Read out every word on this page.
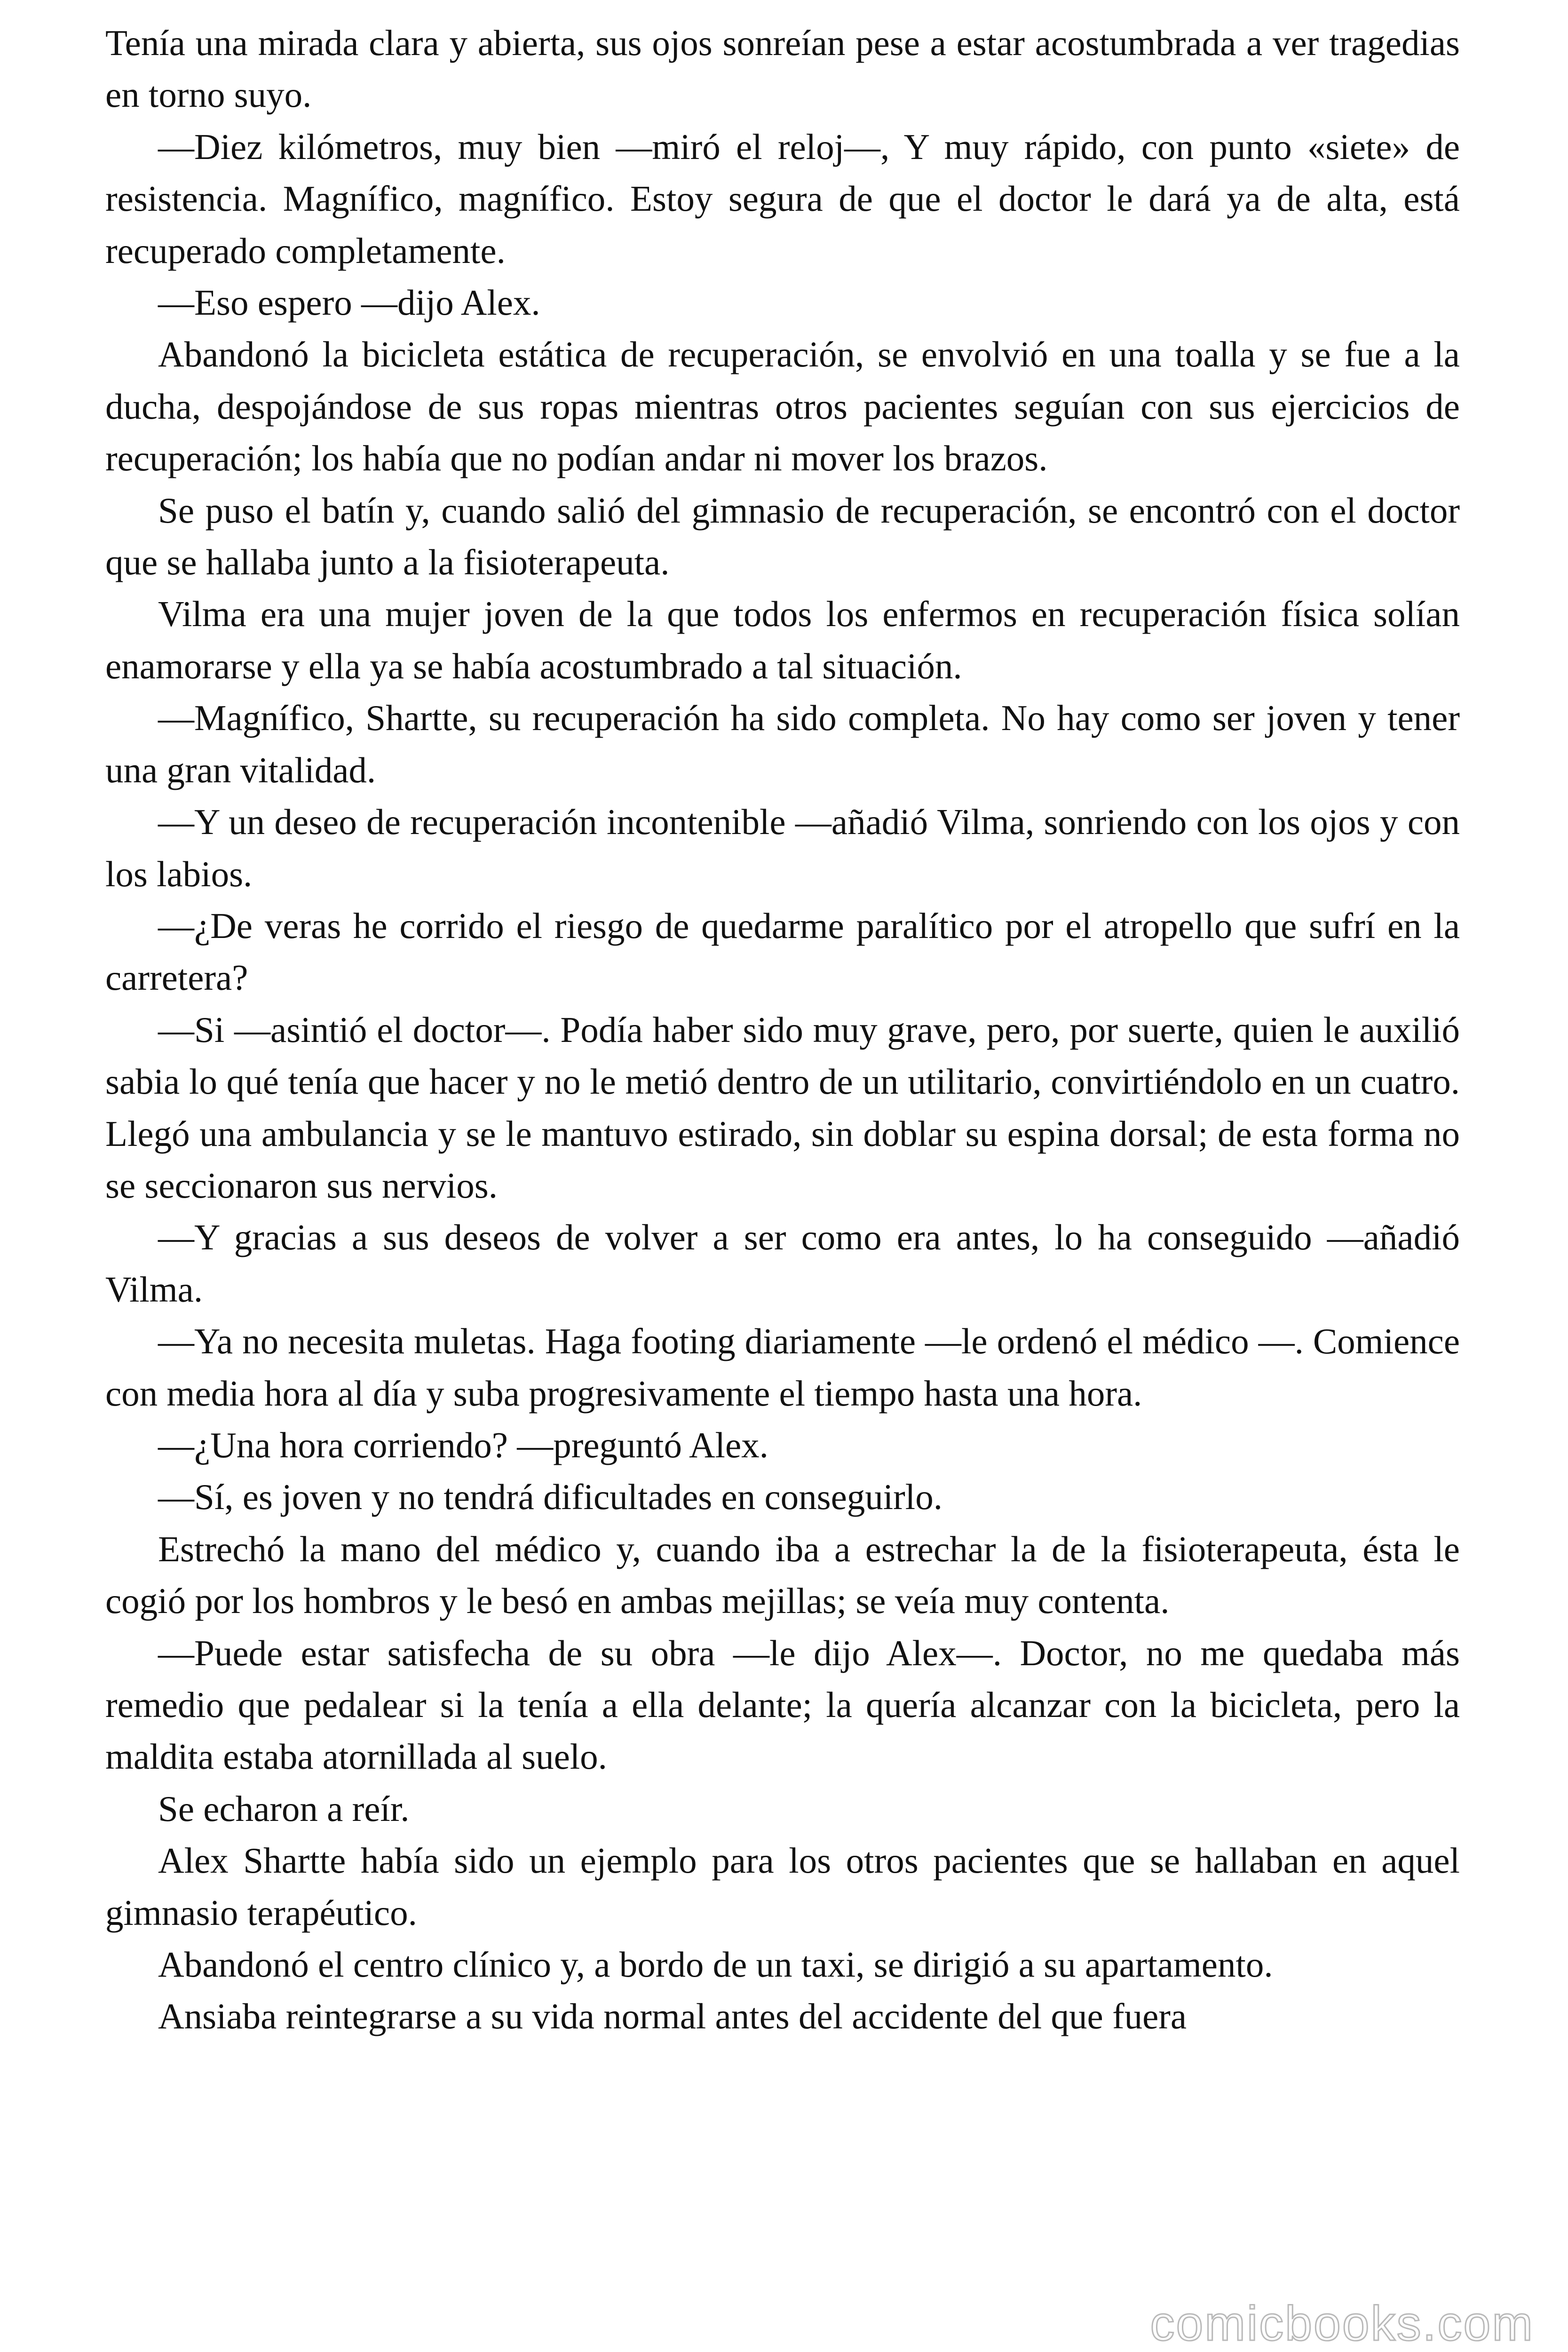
Tenía una mirada clara y abierta, sus ojos sonreían pese a estar acostumbrada a ver tragedias en torno suyo.

—Diez kilómetros, muy bien —miró el reloj—, Y muy rápido, con punto «siete» de resistencia. Magnífico, magnífico. Estoy segura de que el doctor le dará ya de alta, está recuperado completamente.

—Eso espero —dijo Alex.

Abandonó la bicicleta estática de recuperación, se envolvió en una toalla y se fue a la ducha, despojándose de sus ropas mientras otros pacientes seguían con sus ejercicios de recuperación; los había que no podían andar ni mover los brazos.

Se puso el batín y, cuando salió del gimnasio de recuperación, se encontró con el doctor que se hallaba junto a la fisioterapeuta.

Vilma era una mujer joven de la que todos los enfermos en recuperación física solían enamorarse y ella ya se había acostumbrado a tal situación.

—Magnífico, Shartte, su recuperación ha sido completa. No hay como ser joven y tener una gran vitalidad.

—Y un deseo de recuperación incontenible —añadió Vilma, sonriendo con los ojos y con los labios.

—¿De veras he corrido el riesgo de quedarme paralítico por el atropello que sufrí en la carretera?

—Si —asintió el doctor—. Podía haber sido muy grave, pero, por suerte, quien le auxilió sabia lo qué tenía que hacer y no le metió dentro de un utilitario, convirtiéndolo en un cuatro. Llegó una ambulancia y se le mantuvo estirado, sin doblar su espina dorsal; de esta forma no se seccionaron sus nervios.

—Y gracias a sus deseos de volver a ser como era antes, lo ha conseguido —añadió Vilma.

—Ya no necesita muletas. Haga footing diariamente —le ordenó el médico —. Comience con media hora al día y suba progresivamente el tiempo hasta una hora.

—¿Una hora corriendo? —preguntó Alex.

—Sí, es joven y no tendrá dificultades en conseguirlo.

Estrechó la mano del médico y, cuando iba a estrechar la de la fisioterapeuta, ésta le cogió por los hombros y le besó en ambas mejillas; se veía muy contenta.

—Puede estar satisfecha de su obra —le dijo Alex—. Doctor, no me quedaba más remedio que pedalear si la tenía a ella delante; la quería alcanzar con la bicicleta, pero la maldita estaba atornillada al suelo.

Se echaron a reír.

Alex Shartte había sido un ejemplo para los otros pacientes que se hallaban en aquel gimnasio terapéutico.

Abandonó el centro clínico y, a bordo de un taxi, se dirigió a su apartamento.

Ansiaba reintegrarse a su vida normal antes del accidente del que fuera

comicbooks.com
